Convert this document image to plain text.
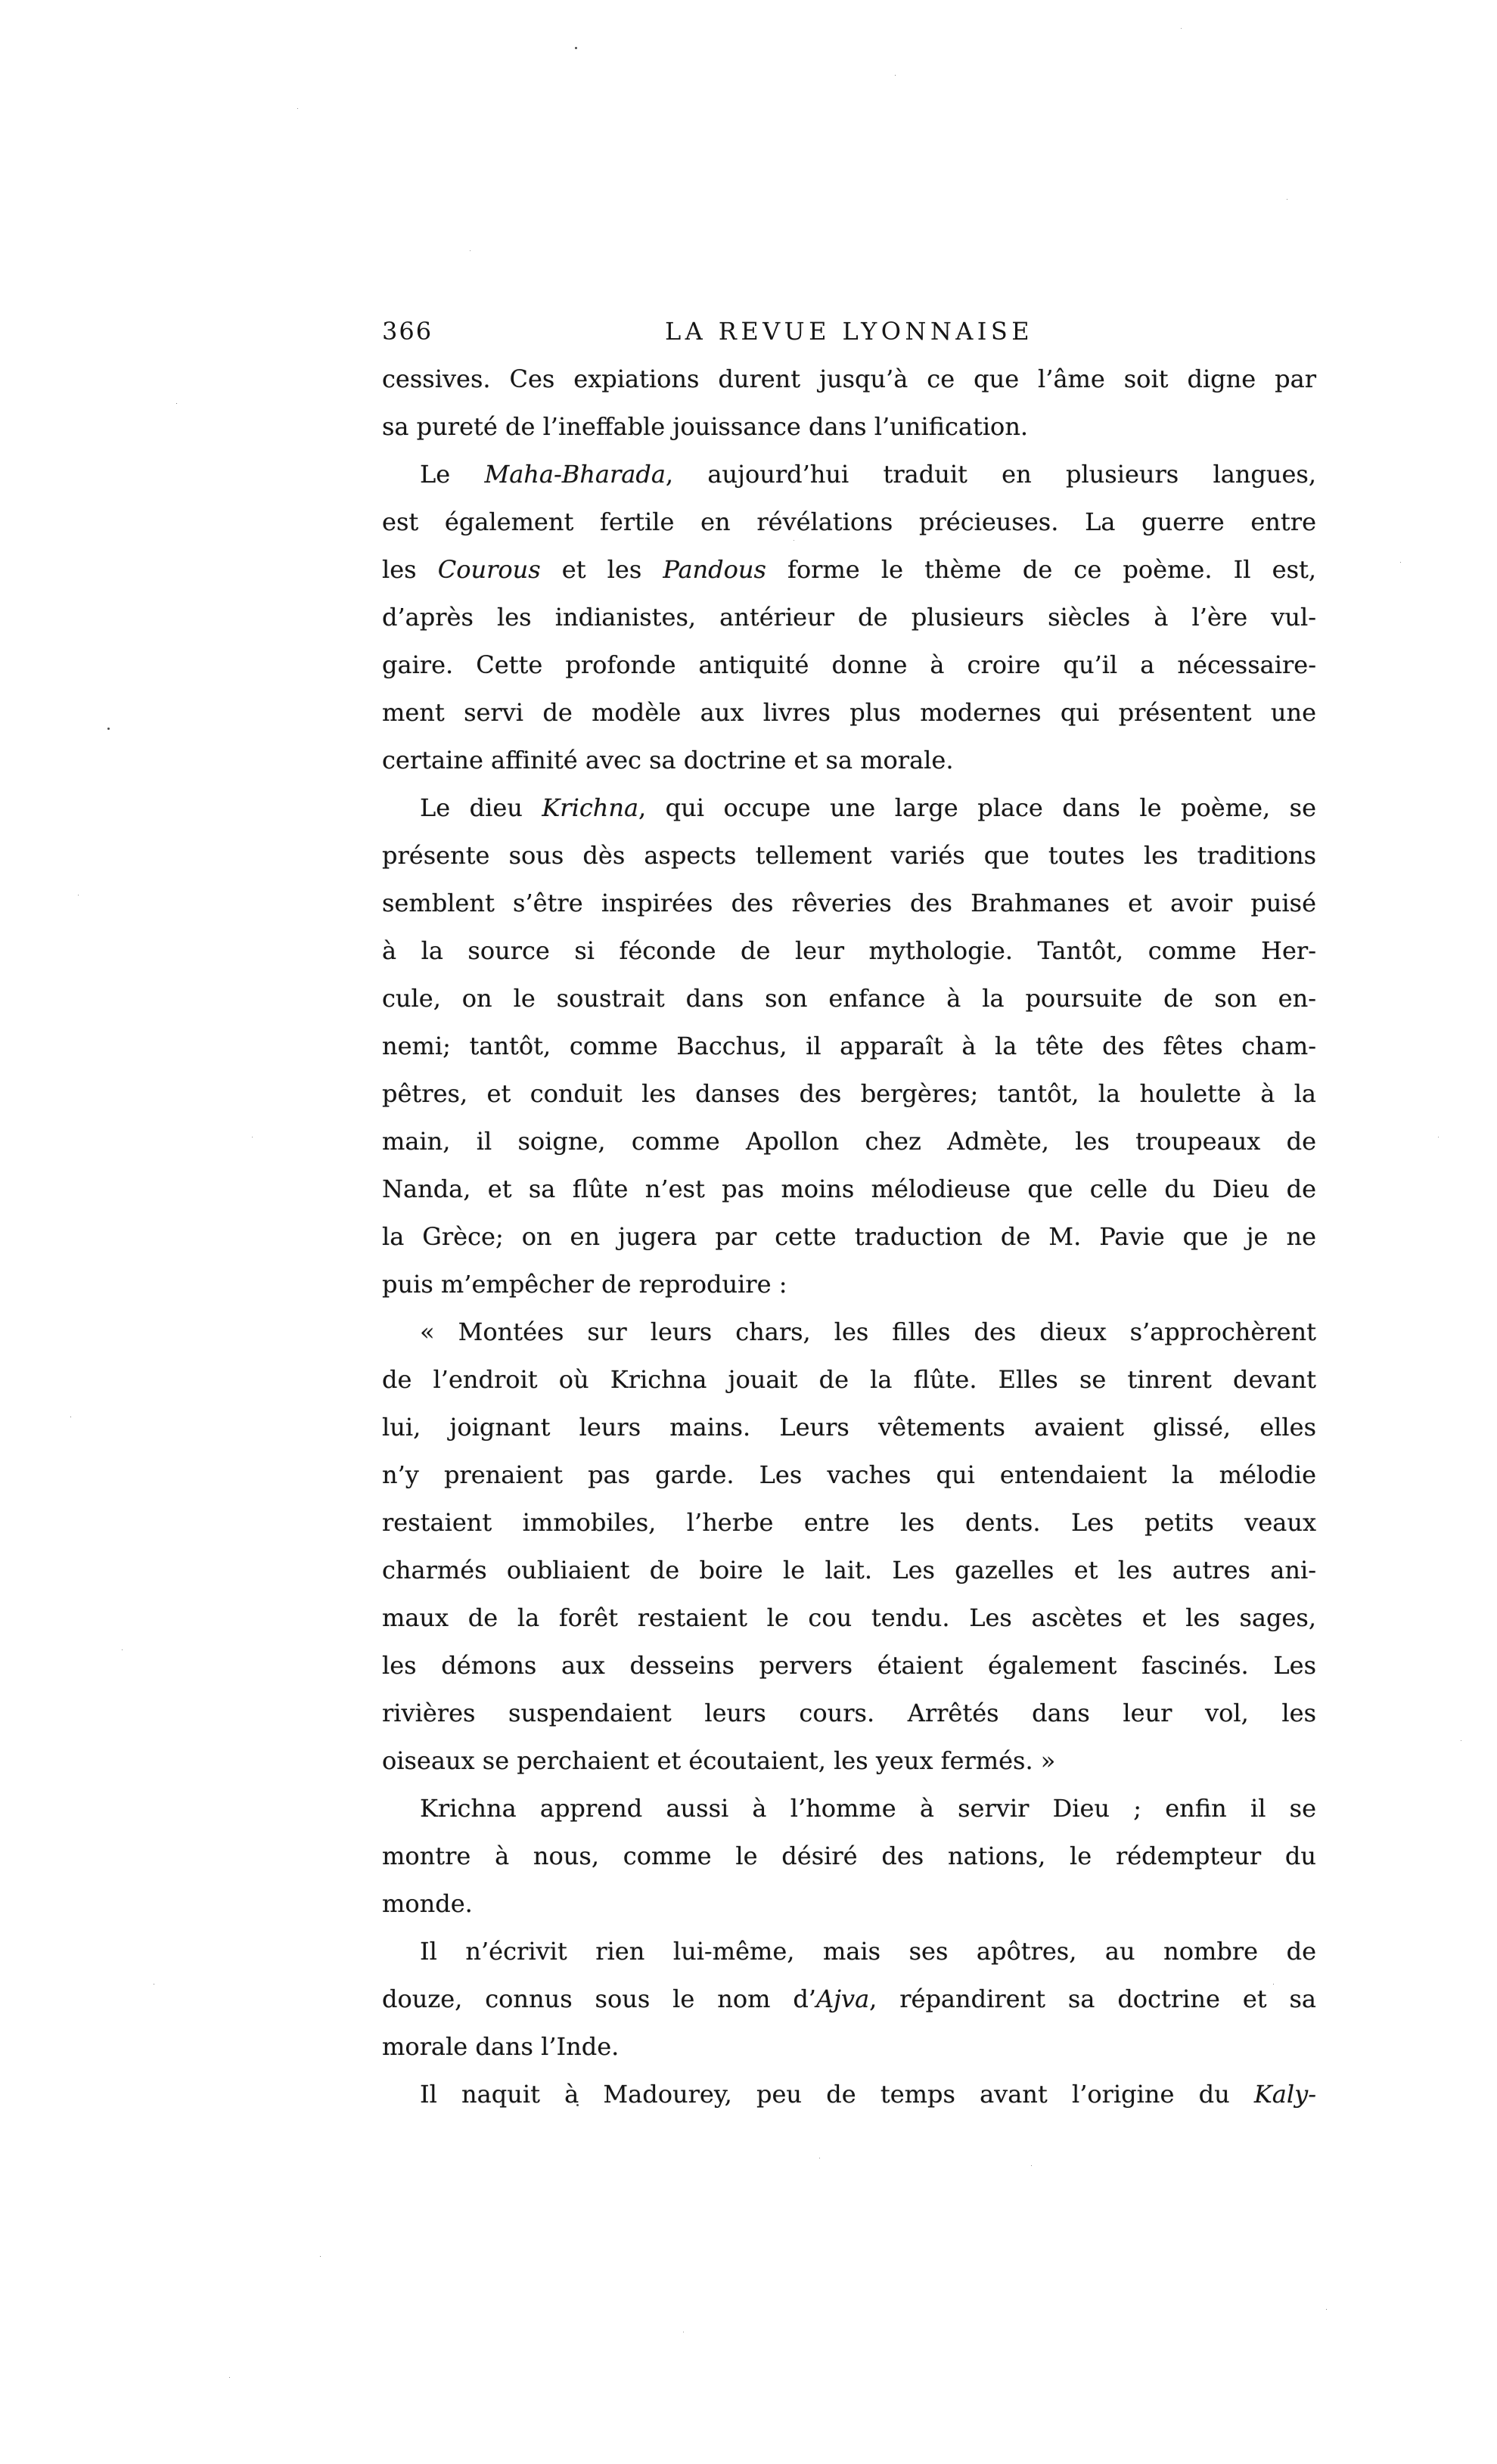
366	LA REVUE LYONNAISE
cessives. Ces expiations durent jusqu’à ce que l’âme soit digne par
sa pureté de l’ineffable jouissance dans l’unification.
Le Maha-Bharada, aujourd’hui traduit en plusieurs langues,
est également fertile en révélations précieuses. La guerre entre
les Courous et les Pandous forme le thème de ce poème. Il est,
d’après les indianistes, antérieur de plusieurs siècles à l’ère vul-
gaire. Cette profonde antiquité donne à croire qu’il a nécessaire-
ment servi de modèle aux livres plus modernes qui présentent une
certaine affinité avec sa doctrine et sa morale.
Le dieu Krichna, qui occupe une large place dans le poème, se
présente sous dès aspects tellement variés que toutes les traditions
semblent s’être inspirées des rêveries des Brahmanes et avoir puisé
à la source si féconde de leur mythologie. Tantôt, comme Her-
cule, on le soustrait dans son enfance à la poursuite de son en-
nemi; tantôt, comme Bacchus, il apparaît à la tête des fêtes cham-
pêtres, et conduit les danses des bergères; tantôt, la houlette à la
main, il soigne, comme Apollon chez Admète, les troupeaux de
Nanda, et sa flûte n’est pas moins mélodieuse que celle du Dieu de
la Grèce; on en jugera par cette traduction de M. Pavie que je ne
puis m’empêcher de reproduire :
« Montées sur leurs chars, les filles des dieux s’approchèrent
de l’endroit où Krichna jouait de la flûte. Elles se tinrent devant
lui, joignant leurs mains. Leurs vêtements avaient glissé, elles
n’y prenaient pas garde. Les vaches qui entendaient la mélodie
restaient immobiles, l’herbe entre les dents. Les petits veaux
charmés oubliaient de boire le lait. Les gazelles et les autres ani-
maux de la forêt restaient le cou tendu. Les ascètes et les sages,
les démons aux desseins pervers étaient également fascinés. Les
rivières suspendaient leurs cours. Arrêtés dans leur vol, les
oiseaux se perchaient et écoutaient, les yeux fermés. »
Krichna apprend aussi à l’homme à servir Dieu ; enfin il se
montre à nous, comme le désiré des nations, le rédempteur du
monde.
Il n’écrivit rien lui-même, mais ses apôtres, au nombre de
douze, connus sous le nom d’Ajva, répandirent sa doctrine et sa
morale dans l’Inde.
Il naquit à Madourey, peu de temps avant l’origine du Kaly-
